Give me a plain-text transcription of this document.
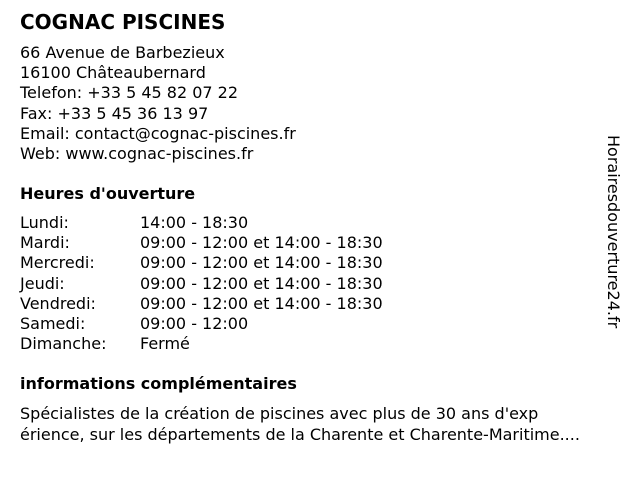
COGNAC PISCINES
66 Avenue de Barbezieux
16100 Châteaubernard
Telefon: +33 5 45 82 07 22
Fax: +33 5 45 36 13 97
Email: contact@cognac-piscines.fr
Web: www.cognac-piscines.fr
Heures d'ouverture
Lundi:	14:00 - 18:30
Mardi:	09:00 - 12:00 et 14:00 - 18:30
Mercredi:	09:00 - 12:00 et 14:00 - 18:30
Jeudi:	09:00 - 12:00 et 14:00 - 18:30
Vendredi:	09:00 - 12:00 et 14:00 - 18:30
Samedi:	09:00 - 12:00
Dimanche:	Fermé
informations complémentaires
Spécialistes de la création de piscines avec plus de 30 ans d'exp
érience, sur les départements de la Charente et Charente-Maritime....
Horairesdouverture24.fr
